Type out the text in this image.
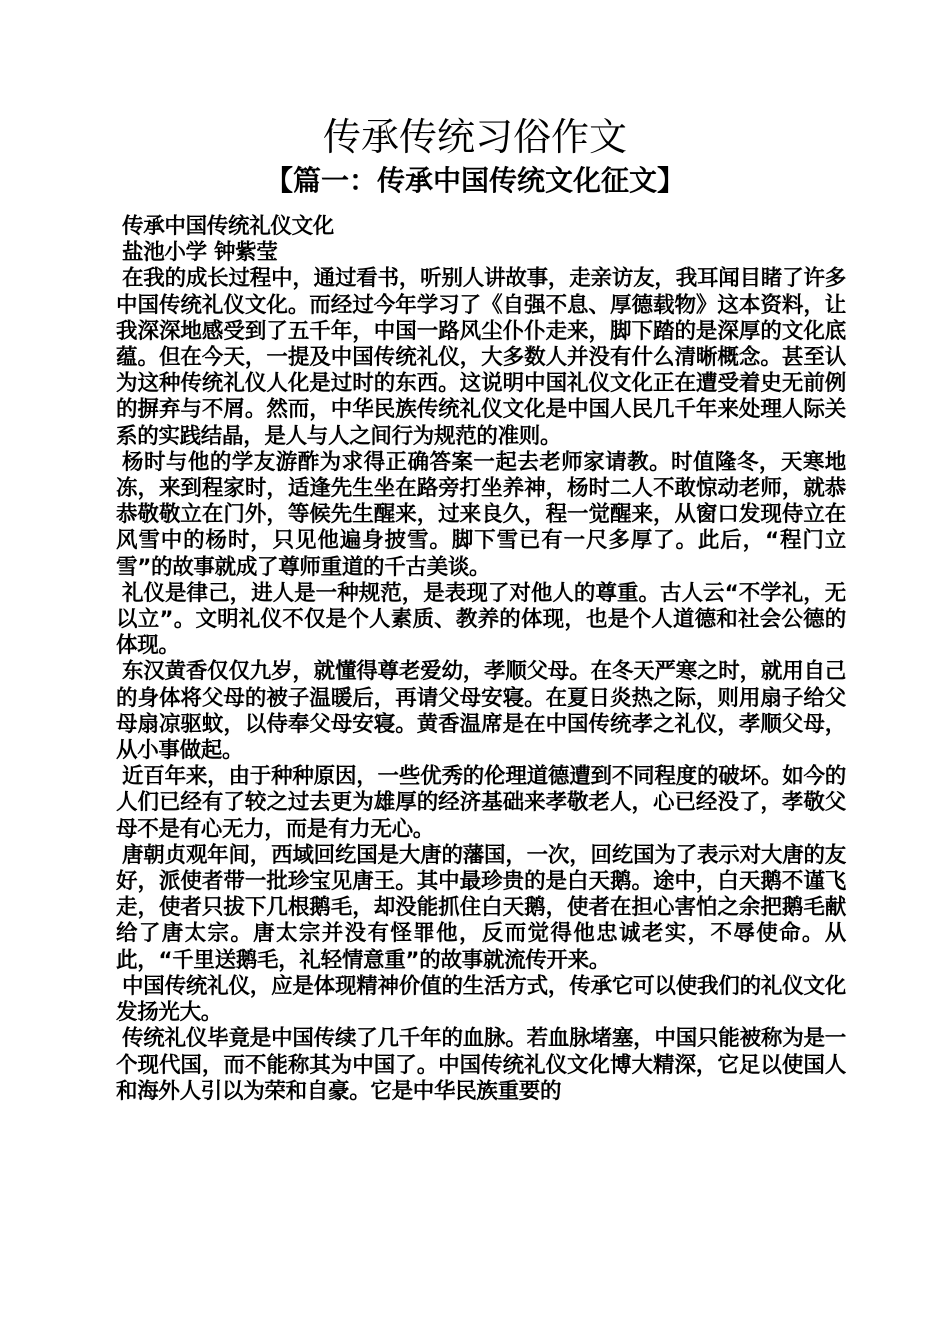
传承传统习俗作文
【篇一：传承中国传统文化征文】

传承中国传统礼仪文化

盐池小学 钟紫莹

在我的成长过程中，通过看书，听别人讲故事，走亲访友，我耳闻目睹了许多中国传统礼仪文化。而经过今年学习了《自强不息、厚德载物》这本资料，让我深深地感受到了五千年，中国一路风尘仆仆走来，脚下踏的是深厚的文化底蕴。但在今天，一提及中国传统礼仪，大多数人并没有什么清晰概念。甚至认为这种传统礼仪人化是过时的东西。这说明中国礼仪文化正在遭受着史无前例的摒弃与不屑。然而，中华民族传统礼仪文化是中国人民几千年来处理人际关系的实践结晶，是人与人之间行为规范的准则。

杨时与他的学友游酢为求得正确答案一起去老师家请教。时值隆冬，天寒地冻，来到程家时，适逢先生坐在路旁打坐养神，杨时二人不敢惊动老师，就恭恭敬敬立在门外，等候先生醒来，过来良久，程一觉醒来，从窗口发现侍立在风雪中的杨时，只见他遍身披雪。脚下雪已有一尺多厚了。此后，“程门立雪”的故事就成了尊师重道的千古美谈。

礼仪是律己，进人是一种规范，是表现了对他人的尊重。古人云“不学礼，无以立”。文明礼仪不仅是个人素质、教养的体现，也是个人道德和社会公德的体现。

东汉黄香仅仅九岁，就懂得尊老爱幼，孝顺父母。在冬天严寒之时，就用自己的身体将父母的被子温暖后，再请父母安寝。在夏日炎热之际，则用扇子给父母扇凉驱蚊，以侍奉父母安寝。黄香温席是在中国传统孝之礼仪，孝顺父母，从小事做起。

近百年来，由于种种原因，一些优秀的伦理道德遭到不同程度的破坏。如今的人们已经有了较之过去更为雄厚的经济基础来孝敬老人，心已经没了，孝敬父母不是有心无力，而是有力无心。

唐朝贞观年间，西域回纥国是大唐的藩国，一次，回纥国为了表示对大唐的友好，派使者带一批珍宝见唐王。其中最珍贵的是白天鹅。途中，白天鹅不谨飞走，使者只拔下几根鹅毛，却没能抓住白天鹅，使者在担心害怕之余把鹅毛献给了唐太宗。唐太宗并没有怪罪他，反而觉得他忠诚老实，不辱使命。从此，“千里送鹅毛，礼轻情意重”的故事就流传开来。

中国传统礼仪，应是体现精神价值的生活方式，传承它可以使我们的礼仪文化发扬光大。

传统礼仪毕竟是中国传续了几千年的血脉。若血脉堵塞，中国只能被称为是一个现代国，而不能称其为中国了。中国传统礼仪文化博大精深，它足以使国人和海外人引以为荣和自豪。它是中华民族重要的
